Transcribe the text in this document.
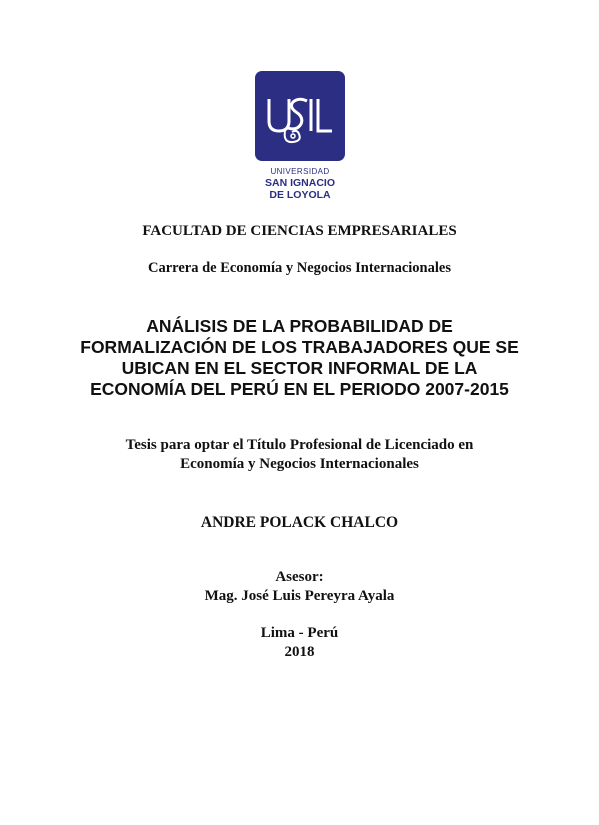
UNIVERSIDAD
SAN IGNACIO
DE LOYOLA
FACULTAD DE CIENCIAS EMPRESARIALES
Carrera de Economía y Negocios Internacionales
ANÁLISIS DE LA PROBABILIDAD DE
FORMALIZACIÓN DE LOS TRABAJADORES QUE SE
UBICAN EN EL SECTOR INFORMAL DE LA
ECONOMÍA DEL PERÚ EN EL PERIODO 2007-2015
Tesis para optar el Título Profesional de Licenciado en
Economía y Negocios Internacionales
ANDRE POLACK CHALCO
Asesor:
Mag. José Luis Pereyra Ayala
Lima - Perú
2018
